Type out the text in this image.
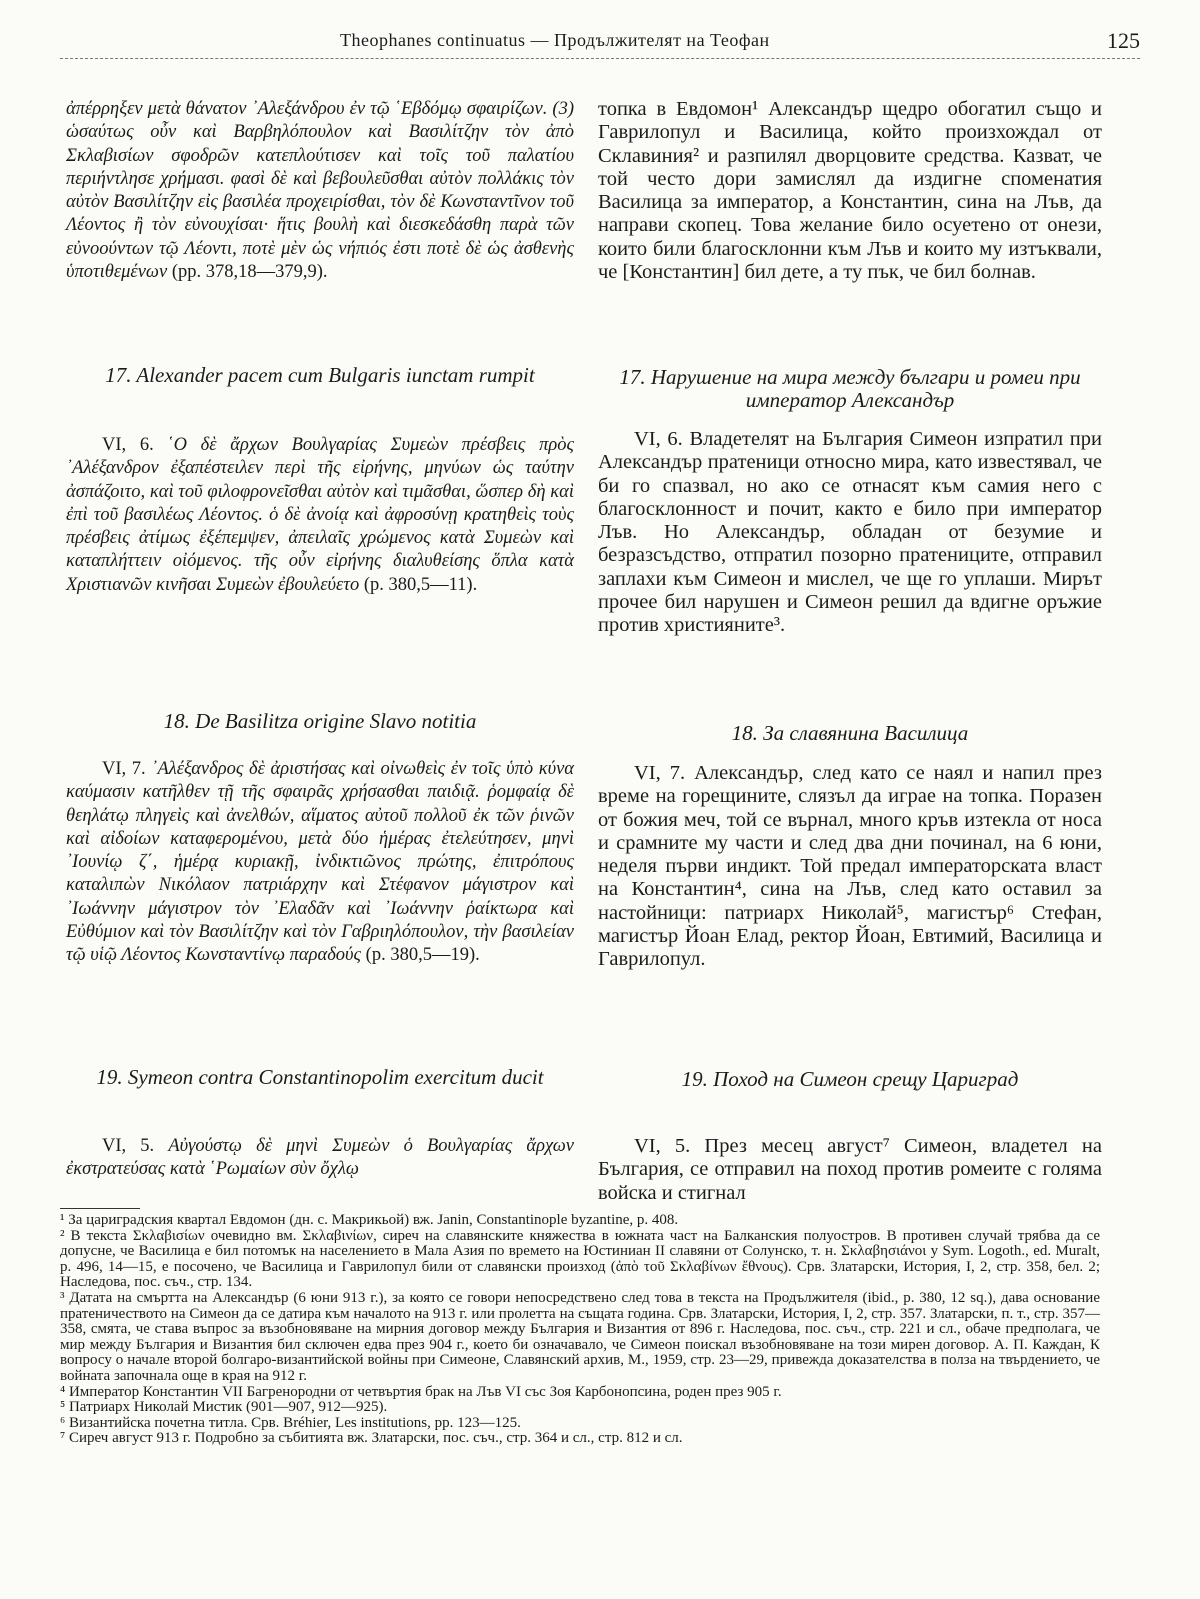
Theophanes continuatus — Продължителят на Теофан	125

ἀπέρρηξεν μετὰ θάνατον ᾿Αλεξάνδρου ἐν τῷ ῾Εβδόμῳ σφαιρίζων. (3) ὡσαύτως οὖν καὶ Βαρβηλόπουλον καὶ Βασιλίτζην τὸν ἀπὸ Σκλαβισίων σφοδρῶν κατεπλούτισεν καὶ τοῖς τοῦ παλατίου περιήντλησε χρήμασι. φασὶ δὲ καὶ βεβουλεῦσθαι αὐτὸν πολλάκις τὸν αὐτὸν Βασιλίτζην εἰς βασιλέα προχειρίσθαι, τὸν δὲ Κωνσταντῖνον τοῦ Λέοντος ἢ τὸν εὐνουχίσαι· ἥτις βουλὴ καὶ διεσκεδάσθη παρὰ τῶν εὐνοούντων τῷ Λέοντι, ποτὲ μὲν ὡς νήπιός ἐστι ποτὲ δὲ ὡς ἀσθενὴς ὑποτιθεμένων (pp. 378,18—379,9).

17. Alexander pacem cum Bulgaris iunctam rumpit

VI, 6. ῾Ο δὲ ἄρχων Βουλγαρίας Συμεὼν πρέσβεις πρὸς ᾿Αλέξανδρον ἐξαπέστειλεν περὶ τῆς εἰρήνης, μηνύων ὡς ταύτην ἀσπάζοιτο, καὶ τοῦ φιλοφρονεῖσθαι αὐτὸν καὶ τιμᾶσθαι, ὥσπερ δὴ καὶ ἐπὶ τοῦ βασιλέως Λέοντος. ὁ δὲ ἀνοίᾳ καὶ ἀφροσύνῃ κρατηθεὶς τοὺς πρέσβεις ἀτίμως ἐξέπεμψεν, ἀπειλαῖς χρώμενος κατὰ Συμεὼν καὶ καταπλήττειν οἰόμενος. τῆς οὖν εἰρήνης διαλυθείσης ὅπλα κατὰ Χριστιανῶν κινῆσαι Συμεὼν ἐβουλεύετο (p. 380,5—11).

18. De Basilitza origine Slavo notitia

VI, 7. ᾿Αλέξανδρος δὲ ἀριστήσας καὶ οἰνωθεὶς ἐν τοῖς ὑπὸ κύνα καύμασιν κατῆλθεν τῇ τῆς σφαιρᾶς χρήσασθαι παιδιᾷ. ῥομφαίᾳ δὲ θεηλάτῳ πληγεὶς καὶ ἀνελθών, αἵματος αὐτοῦ πολλοῦ ἐκ τῶν ῥινῶν καὶ αἰδοίων καταφερομένου, μετὰ δύο ἡμέρας ἐτελεύτησεν, μηνὶ ᾿Ιουνίῳ ζ΄, ἡμέρᾳ κυριακῇ, ἰνδικτιῶνος πρώτης, ἐπιτρόπους καταλιπὼν Νικόλαον πατριάρχην καὶ Στέφανον μάγιστρον καὶ ᾿Ιωάννην μάγιστρον τὸν ᾿Ελαδᾶν καὶ ᾿Ιωάννην ῥαίκτωρα καὶ Εὐθύμιον καὶ τὸν Βασιλίτζην καὶ τὸν Γαβριηλόπουλον, τὴν βασιλείαν τῷ υἱῷ Λέοντος Κωνσταντίνῳ παραδούς (p. 380,5—19).

19. Symeon contra Constantinopolim exercitum ducit

VI, 5. Αὐγούστῳ δὲ μηνὶ Συμεὼν ὁ Βουλγαρίας ἄρχων ἐκστρατεύσας κατὰ ῾Ρωμαίων σὺν ὄχλῳ

топка в Евдомон¹ Александър щедро обогатил също и Гаврилопул и Василица, който произхождал от Склавиния² и разпилял дворцовите средства. Казват, че той често дори замислял да издигне споменатия Василица за император, а Константин, сина на Лъв, да направи скопец. Това желание било осуетено от онези, които били благосклонни към Лъв и които му изтъквали, че [Константин] бил дете, а ту пък, че бил болнав.

17. Нарушение на мира между българи и ромеи при император Александър

VI, 6. Владетелят на България Симеон изпратил при Александър пратеници относно мира, като известявал, че би го спазвал, но ако се отнасят към самия него с благосклонност и почит, както е било при император Лъв. Но Александър, обладан от безумие и безразсъдство, отпратил позорно пратениците, отправил заплахи към Симеон и мислел, че ще го уплаши. Мирът прочее бил нарушен и Симеон решил да вдигне оръжие против християните³.

18. За славянина Василица

VI, 7. Александър, след като се наял и напил през време на горещините, слязъл да играе на топка. Поразен от божия меч, той се върнал, много кръв изтекла от носа и срамните му части и след два дни починал, на 6 юни, неделя първи индикт. Той предал императорската власт на Константин⁴, сина на Лъв, след като оставил за настойници: патриарх Николай⁵, магистър⁶ Стефан, магистър Йоан Елад, ректор Йоан, Евтимий, Василица и Гаврилопул.

19. Поход на Симеон срещу Цариград

VI, 5. През месец август⁷ Симеон, владетел на България, се отправил на поход против ромеите с голяма войска и стигнал

¹ За цариградския квартал Евдомон (дн. с. Макрикьой) вж. Janin, Constantinople byzantine, p. 408.

² В текста Σκλαβισίων очевидно вм. Σκλαβινίων, сиреч на славянските княжества в южната част на Балканския полуостров. В противен случай трябва да се допусне, че Василица е бил потомък на населението в Мала Азия по времето на Юстиниан II славяни от Солунско, т. н. Σκλαβησιάνοι у Sym. Logoth., ed. Muralt, p. 496, 14—15, е посочено, че Василица и Гаврилопул били от славянски произход (ἀπὸ τοῦ Σκλαβίνων ἔθνους). Срв. Златарски, История, I, 2, стр. 358, бел. 2; Наследова, пос. съч., стр. 134.

³ Датата на смъртта на Александър (6 юни 913 г.), за която се говори непосредствено след това в текста на Продължителя (ibid., p. 380, 12 sq.), дава основание пратеничеството на Симеон да се датира към началото на 913 г. или пролетта на същата година. Срв. Златарски, История, I, 2, стр. 357. Златарски, п. т., стр. 357—358, смята, че става въпрос за възобновяване на мирния договор между България и Византия от 896 г. Наследова, пос. съч., стр. 221 и сл., обаче предполага, че мир между България и Византия бил сключен едва през 904 г., което би означавало, че Симеон поискал възобновяване на този мирен договор. А. П. Каждан, К вопросу о начале второй болгаро-византийской войны при Симеоне, Славянский архив, М., 1959, стр. 23—29, привежда доказателства в полза на твърдението, че войната започнала още в края на 912 г.

⁴ Император Константин VII Багренородни от четвъртия брак на Лъв VI със Зоя Карбонопсина, роден през 905 г.

⁵ Патриарх Николай Мистик (901—907, 912—925).

⁶ Византийска почетна титла. Срв. Bréhier, Les institutions, pp. 123—125.

⁷ Сиреч август 913 г. Подробно за събитията вж. Златарски, пос. съч., стр. 364 и сл., стр. 812 и сл.
